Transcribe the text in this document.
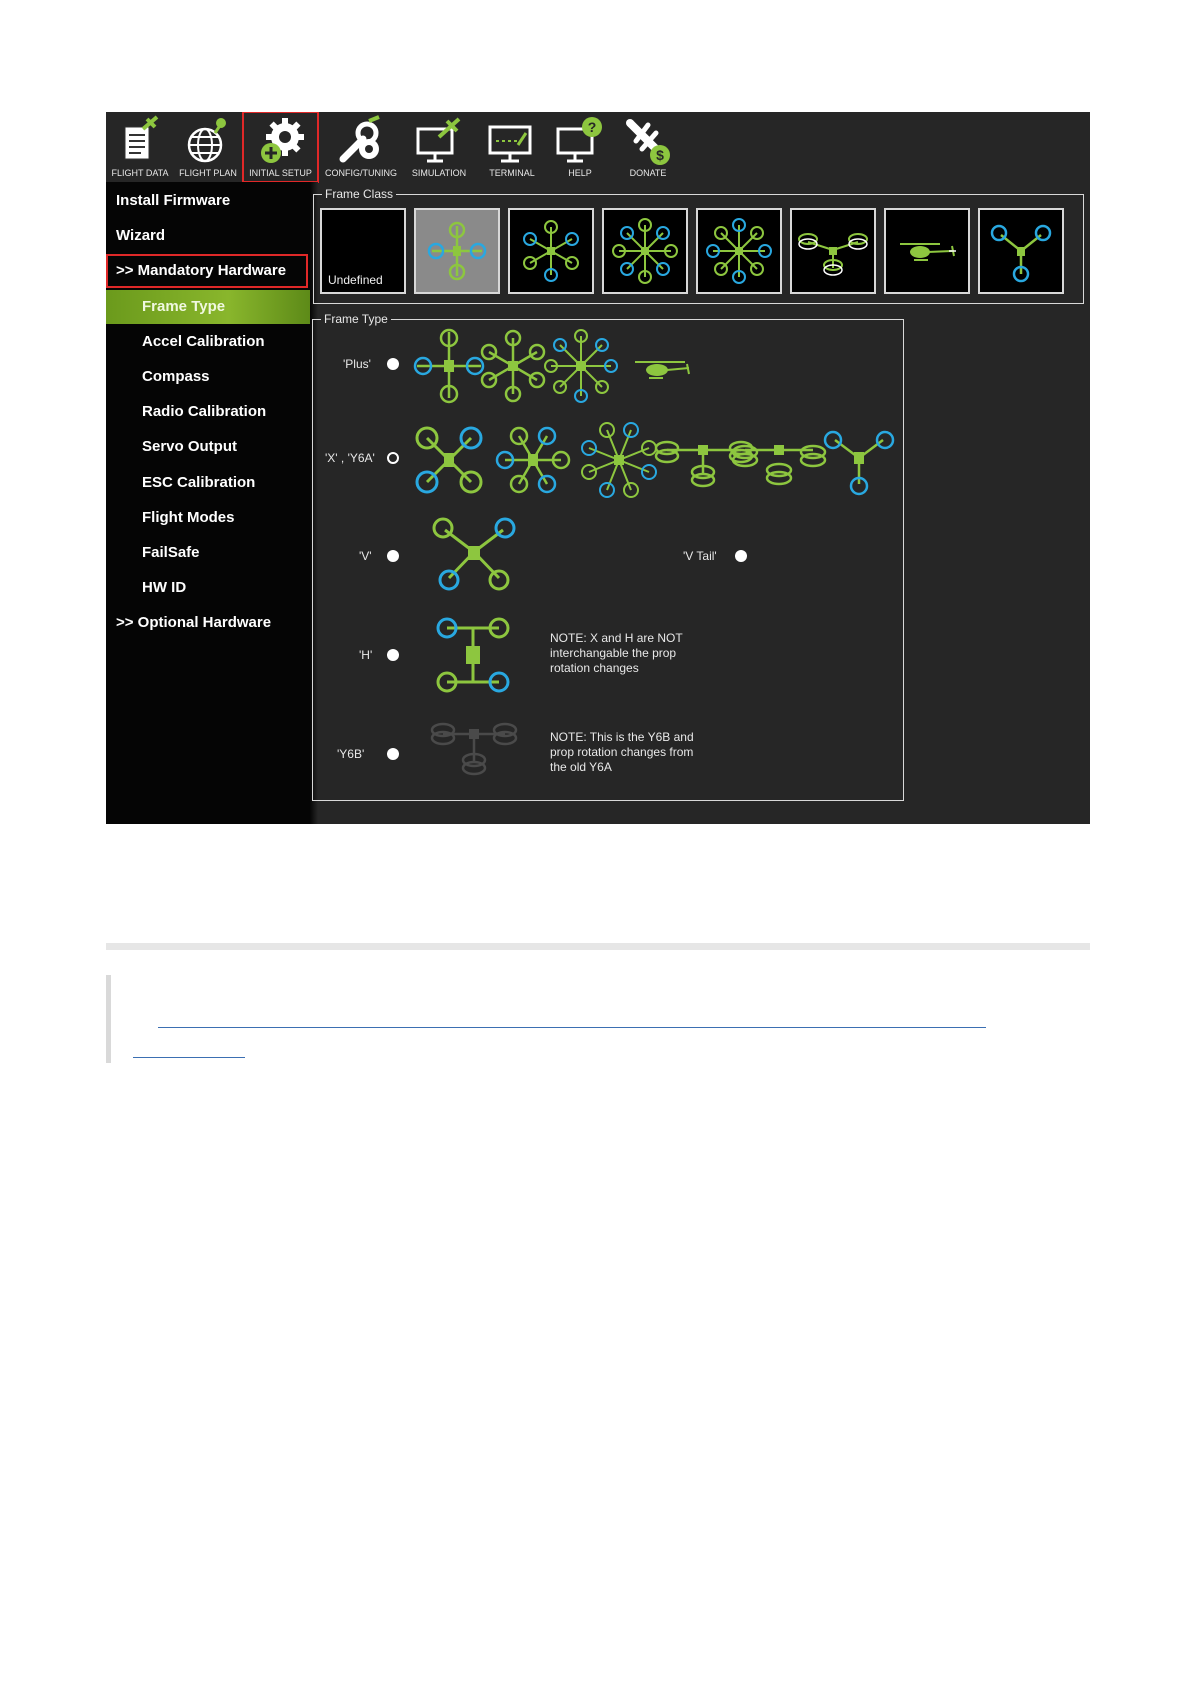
FLIGHT DATA	FLIGHT PLAN	INITIAL SETUP	CONFIG/TUNING	SIMULATION	TERMINAL
?
HELP
$
DONATE
Install Firmware
Wizard
>> Mandatory Hardware
Frame Type
Accel Calibration
Compass
Radio Calibration
Servo Output
ESC Calibration
Flight Modes
FailSafe
HW ID
>> Optional Hardware
Frame Class
Undefined
Frame Type
'Plus'
'X' , 'Y6A'
'V'	'V Tail'
'H'
NOTE: X and H are NOT
interchangable the prop
rotation changes
'Y6B'
NOTE: This is the Y6B and
prop rotation changes from
the old Y6A
